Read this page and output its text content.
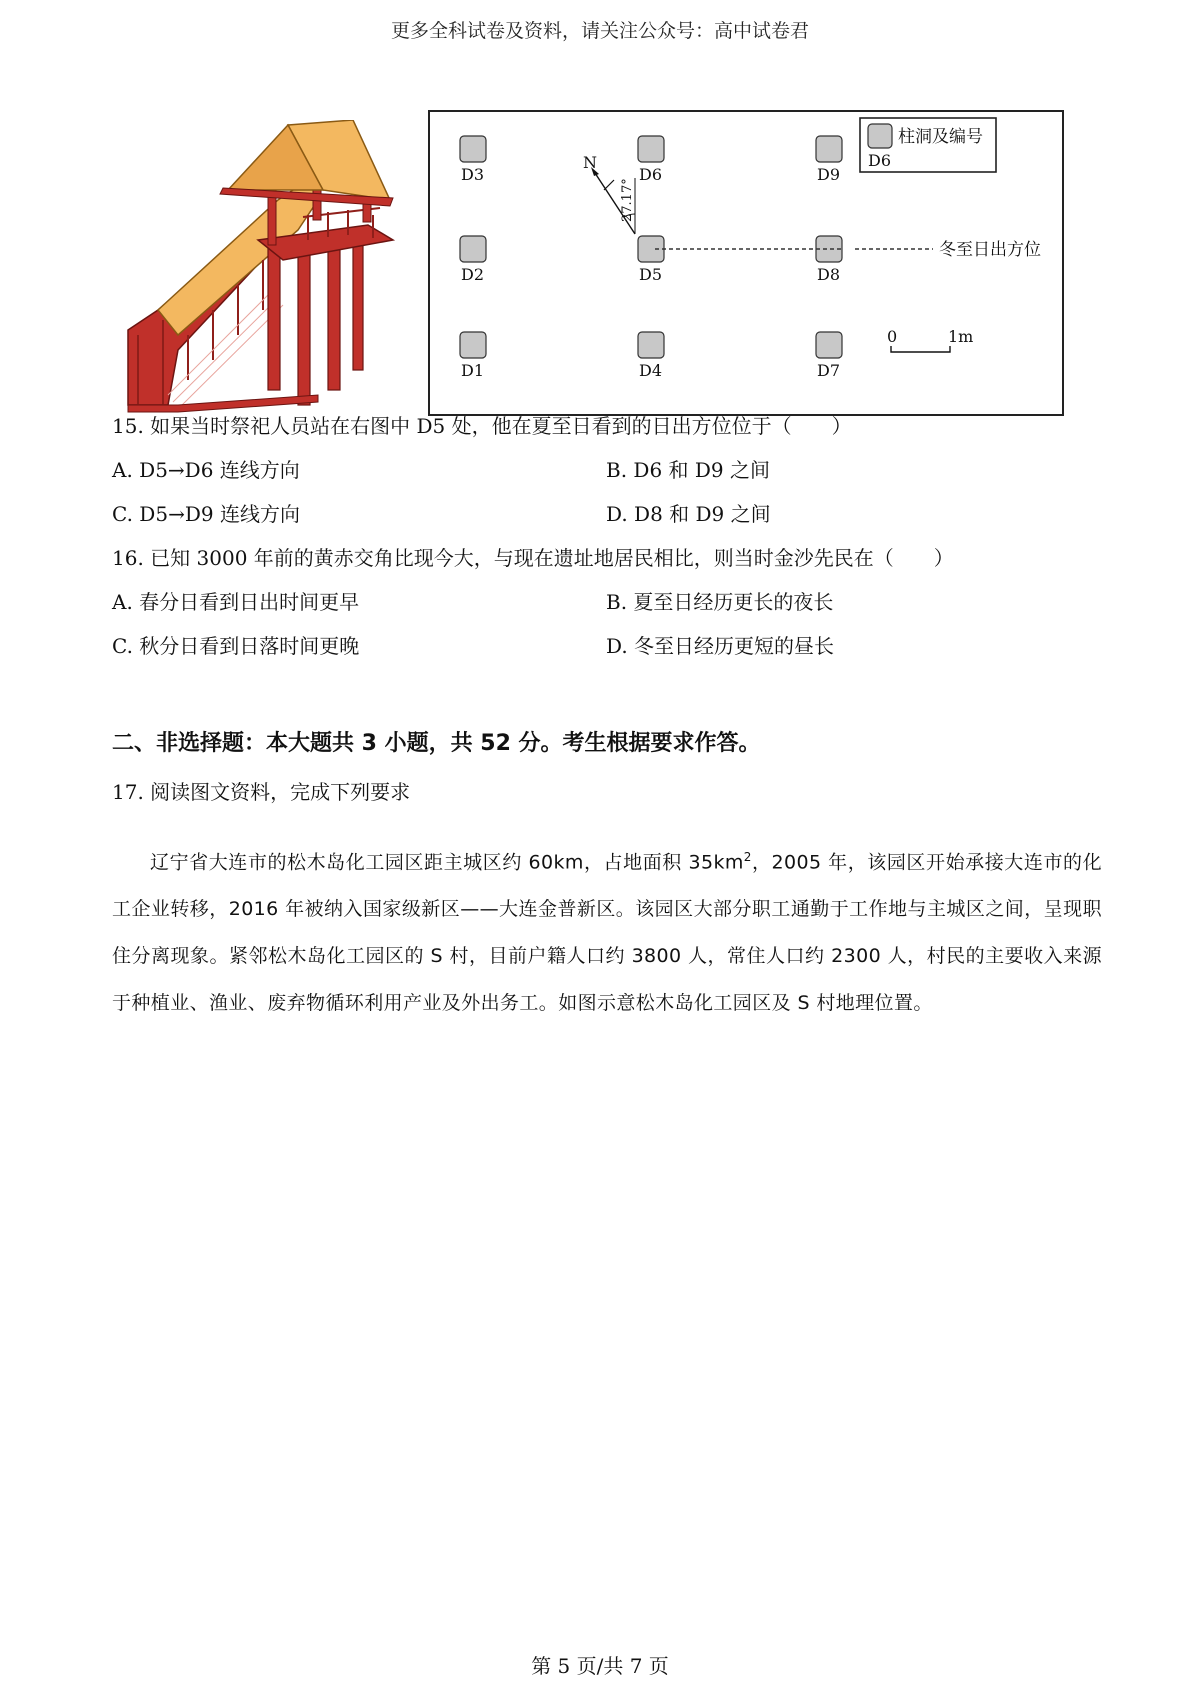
更多全科试卷及资料，请关注公众号：高中试卷君
D3	D6	D9
D2	D5	D8
D1	D4	D7
冬至日出方位
N
27.17°
柱洞及编号
D6
0	1m
15. 如果当时祭祀人员站在右图中 D5 处，他在夏至日看到的日出方位位于（　　）
A. D5→D6 连线方向	B. D6 和 D9 之间
C. D5→D9 连线方向	D. D8 和 D9 之间
16. 已知 3000 年前的黄赤交角比现今大，与现在遗址地居民相比，则当时金沙先民在（　　）
A. 春分日看到日出时间更早	B. 夏至日经历更长的夜长
C. 秋分日看到日落时间更晚	D. 冬至日经历更短的昼长
二、非选择题：本大题共 3 小题，共 52 分。考生根据要求作答。
17. 阅读图文资料，完成下列要求
辽宁省大连市的松木岛化工园区距主城区约 60km，占地面积 $35km^2$，2005 年，该园区开始承接大连市的化工企业转移，2016 年被纳入国家级新区——大连金普新区。该园区大部分职工通勤于工作地与主城区之间，呈现职住分离现象。紧邻松木岛化工园区的 S 村，目前户籍人口约 3800 人，常住人口约 2300 人，村民的主要收入来源于种植业、渔业、废弃物循环利用产业及外出务工。如图示意松木岛化工园区及 S 村地理位置。
第 5 页/共 7 页
